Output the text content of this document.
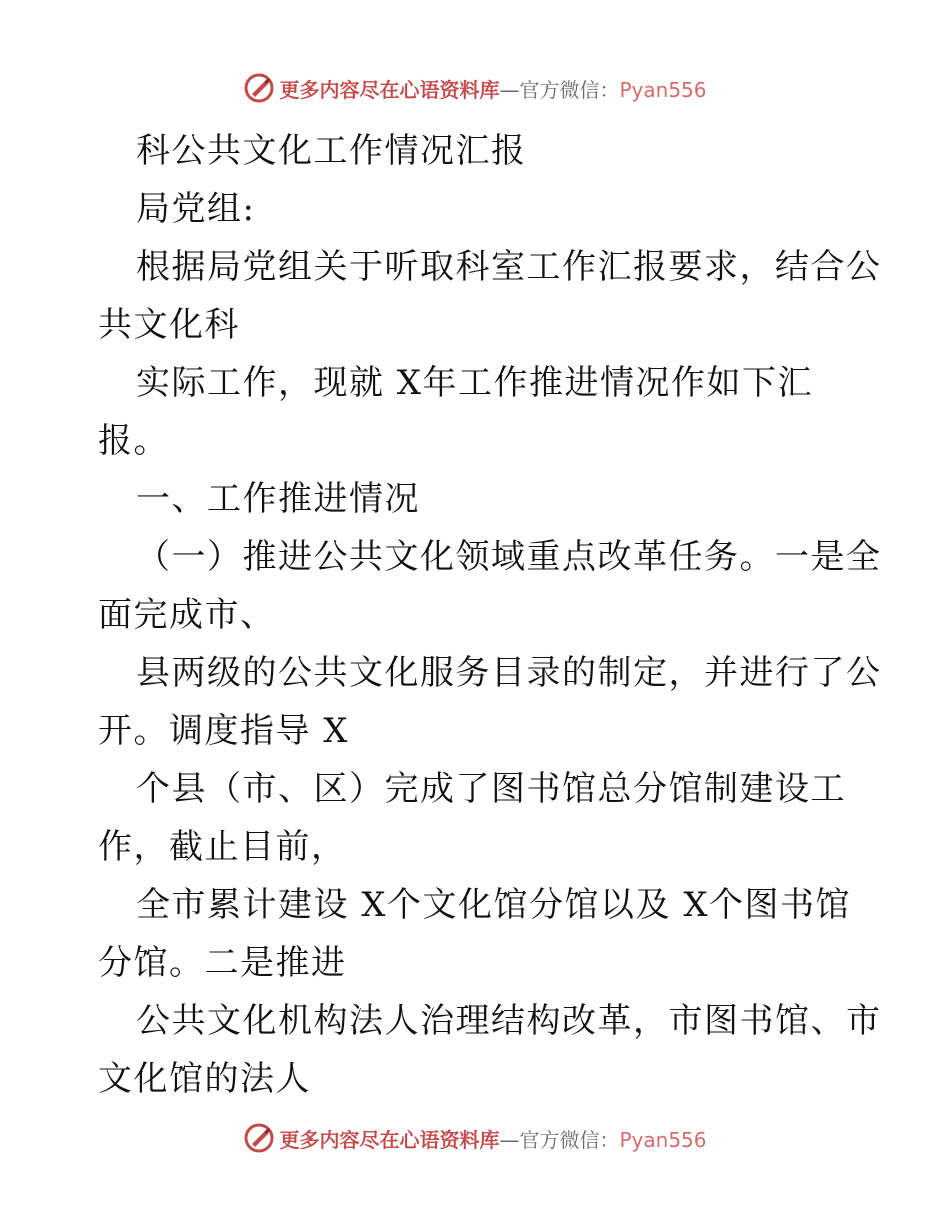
更多内容尽在心语资料库—官方微信：Pyan556
科公共文化工作情况汇报
局党组:
根据局党组关于听取科室工作汇报要求，结合公
共文化科
实际工作，现就 X年工作推进情况作如下汇
报。
一、工作推进情况
（一）推进公共文化领域重点改革任务。一是全
面完成市、
县两级的公共文化服务目录的制定，并进行了公
开。调度指导 X
个县（市、区）完成了图书馆总分馆制建设工
作，截止目前，
全市累计建设 X个文化馆分馆以及 X个图书馆
分馆。二是推进
公共文化机构法人治理结构改革，市图书馆、市
文化馆的法人
更多内容尽在心语资料库—官方微信：Pyan556
